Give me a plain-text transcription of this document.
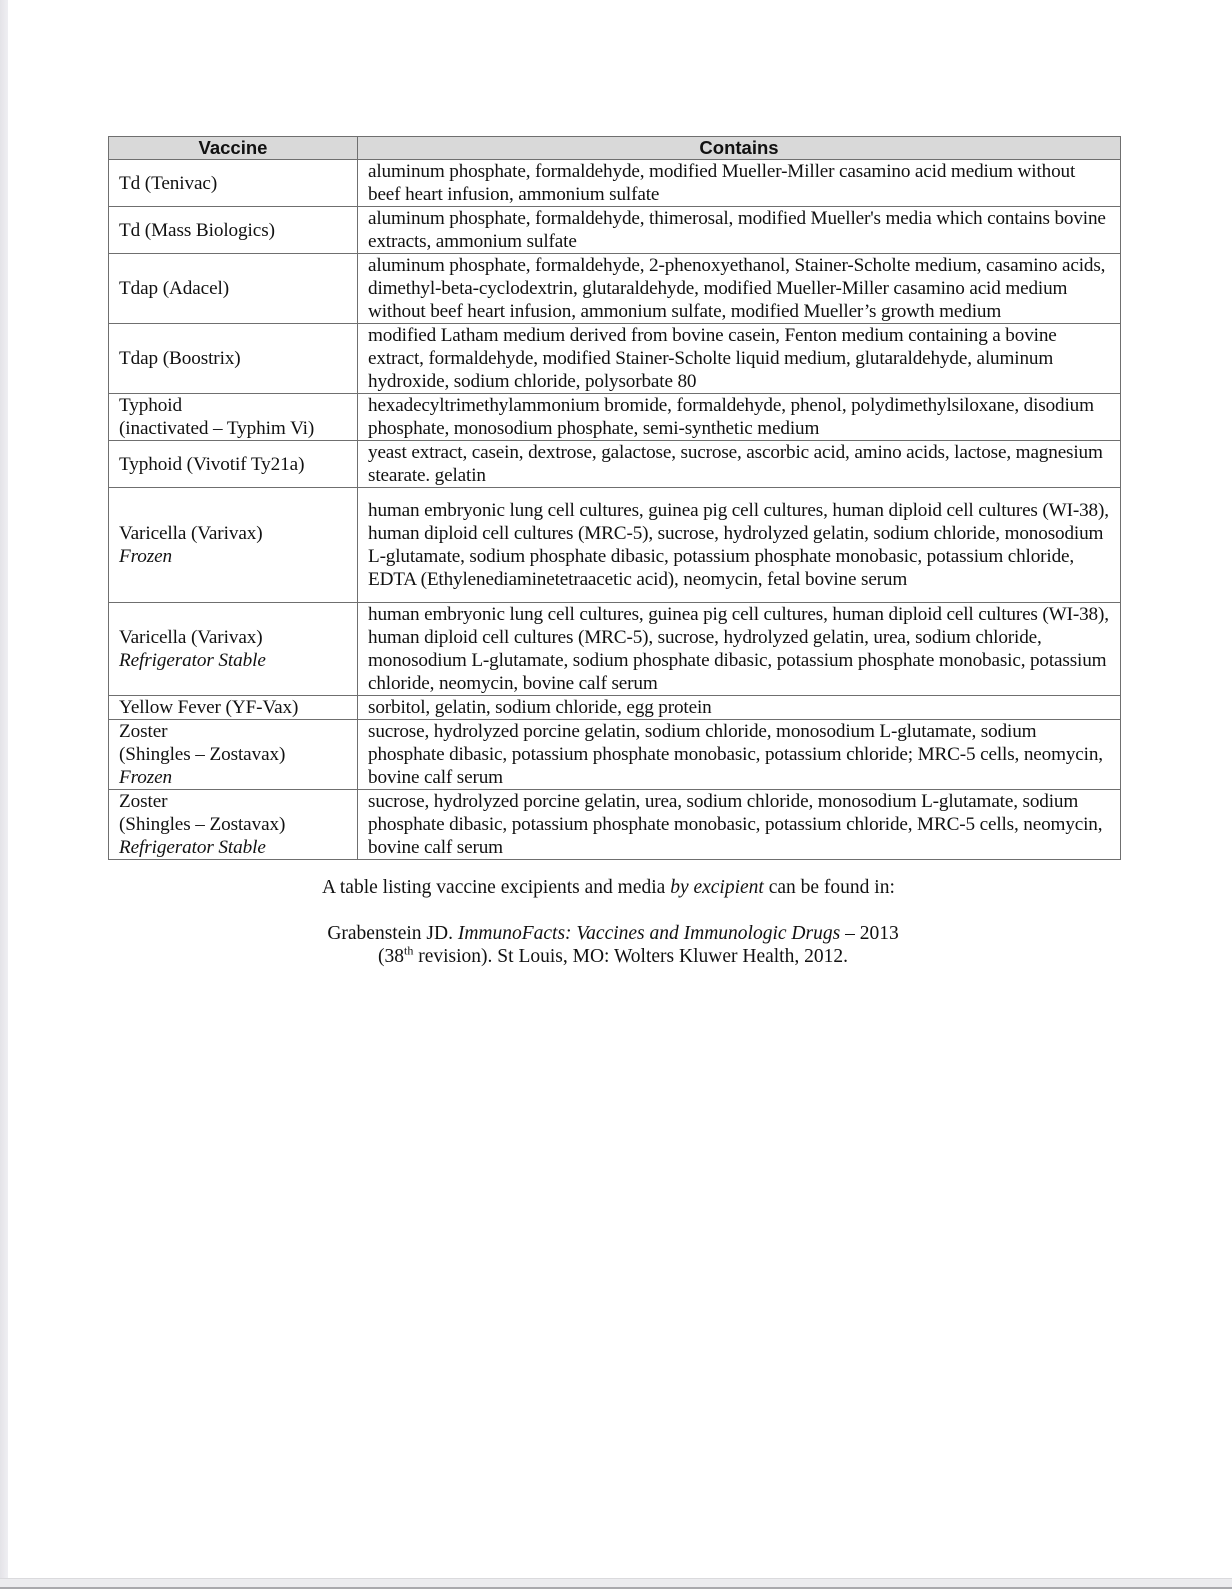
Vaccine	Contains

Td (Tenivac)	aluminum phosphate, formaldehyde, modified Mueller-Miller casamino acid medium without beef heart infusion, ammonium sulfate

Td (Mass Biologics)	aluminum phosphate, formaldehyde, thimerosal, modified Mueller's media which contains bovine extracts, ammonium sulfate

Tdap (Adacel)	aluminum phosphate, formaldehyde, 2-phenoxyethanol, Stainer-Scholte medium, casamino acids, dimethyl-beta-cyclodextrin, glutaraldehyde, modified Mueller-Miller casamino acid medium without beef heart infusion, ammonium sulfate, modified Mueller’s growth medium

Tdap (Boostrix)	modified Latham medium derived from bovine casein, Fenton medium containing a bovine extract, formaldehyde, modified Stainer-Scholte liquid medium, glutaraldehyde, aluminum hydroxide, sodium chloride, polysorbate 80

Typhoid
(inactivated – Typhim Vi)	hexadecyltrimethylammonium bromide, formaldehyde, phenol, polydimethylsiloxane, disodium phosphate, monosodium phosphate, semi-synthetic medium

Typhoid (Vivotif Ty21a)	yeast extract, casein, dextrose, galactose, sucrose, ascorbic acid, amino acids, lactose, magnesium stearate. gelatin

Varicella (Varivax)
Frozen	human embryonic lung cell cultures, guinea pig cell cultures, human diploid cell cultures (WI-38), human diploid cell cultures (MRC-5), sucrose, hydrolyzed gelatin, sodium chloride, monosodium L-glutamate, sodium phosphate dibasic, potassium phosphate monobasic, potassium chloride, EDTA (Ethylenediaminetetraacetic acid), neomycin, fetal bovine serum

Varicella (Varivax)
Refrigerator Stable	human embryonic lung cell cultures, guinea pig cell cultures, human diploid cell cultures (WI-38), human diploid cell cultures (MRC-5), sucrose, hydrolyzed gelatin, urea, sodium chloride, monosodium L-glutamate, sodium phosphate dibasic, potassium phosphate monobasic, potassium chloride, neomycin, bovine calf serum

Yellow Fever (YF-Vax)	sorbitol, gelatin, sodium chloride, egg protein

Zoster
(Shingles – Zostavax)
Frozen	sucrose, hydrolyzed porcine gelatin, sodium chloride, monosodium L-glutamate, sodium phosphate dibasic, potassium phosphate monobasic, potassium chloride; MRC-5 cells, neomycin, bovine calf serum

Zoster
(Shingles – Zostavax)
Refrigerator Stable
	sucrose, hydrolyzed porcine gelatin, urea, sodium chloride, monosodium L-glutamate, sodium phosphate dibasic, potassium phosphate monobasic, potassium chloride, MRC-5 cells, neomycin, bovine calf serum
A table listing vaccine excipients and media by excipient can be found in:
Grabenstein JD. ImmunoFacts: Vaccines and Immunologic Drugs – 2013
(38th revision). St Louis, MO: Wolters Kluwer Health, 2012.
